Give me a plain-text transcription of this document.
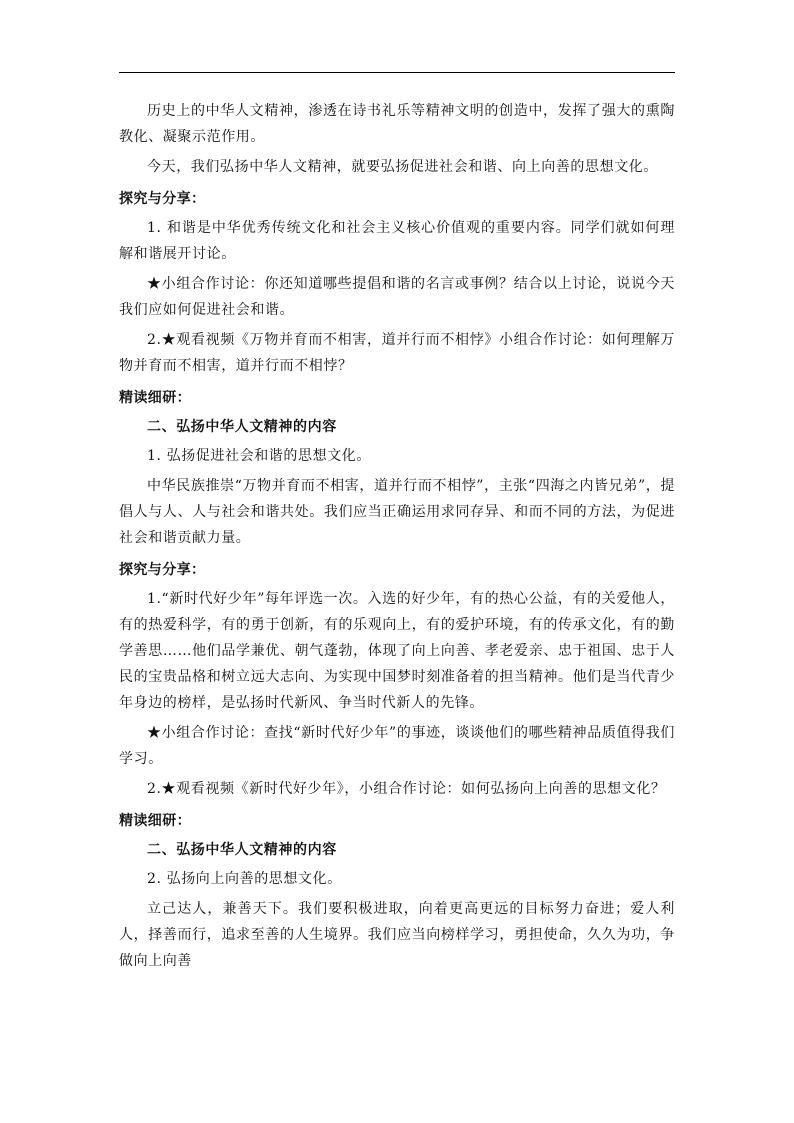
历史上的中华人文精神，渗透在诗书礼乐等精神文明的创造中，发挥了强大的熏陶教化、凝聚示范作用。

今天，我们弘扬中华人文精神，就要弘扬促进社会和谐、向上向善的思想文化。

探究与分享：

1. 和谐是中华优秀传统文化和社会主义核心价值观的重要内容。同学们就如何理解和谐展开讨论。

★小组合作讨论：你还知道哪些提倡和谐的名言或事例？结合以上讨论，说说今天我们应如何促进社会和谐。

2.★观看视频《万物并育而不相害，道并行而不相悖》小组合作讨论：如何理解万物并育而不相害，道并行而不相悖？

精读细研：
二、弘扬中华人文精神的内容

1. 弘扬促进社会和谐的思想文化。

中华民族推崇“万物并育而不相害，道并行而不相悖”，主张“四海之内皆兄弟”，提倡人与人、人与社会和谐共处。我们应当正确运用求同存异、和而不同的方法，为促进社会和谐贡献力量。

探究与分享：

1.“新时代好少年”每年评选一次。入选的好少年，有的热心公益，有的关爱他人，有的热爱科学，有的勇于创新，有的乐观向上，有的爱护环境，有的传承文化，有的勤学善思……他们品学兼优、朝气蓬勃，体现了向上向善、孝老爱亲、忠于祖国、忠于人民的宝贵品格和树立远大志向、为实现中国梦时刻准备着的担当精神。他们是当代青少年身边的榜样，是弘扬时代新风、争当时代新人的先锋。

★小组合作讨论：查找“新时代好少年”的事迹，谈谈他们的哪些精神品质值得我们学习。

2.★观看视频《新时代好少年》，小组合作讨论：如何弘扬向上向善的思想文化？

精读细研：
二、弘扬中华人文精神的内容

2. 弘扬向上向善的思想文化。

立己达人，兼善天下。我们要积极进取，向着更高更远的目标努力奋进；爱人利人，择善而行，追求至善的人生境界。我们应当向榜样学习，勇担使命，久久为功，争做向上向善
